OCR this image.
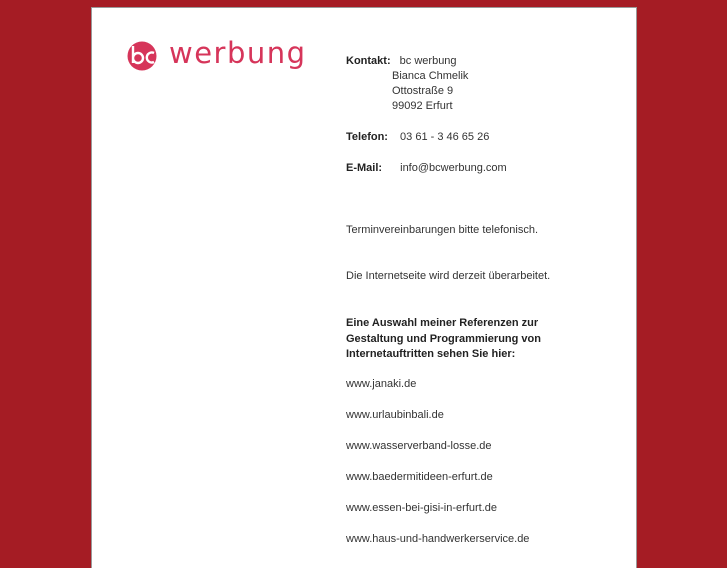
werbung	Kontakt: bc werbung
Bianca Chmelik
Ottostraße 9
99092 Erfurt
Telefon: 03 61 - 3 46 65 26
E-Mail: info@bcwerbung.com
Terminvereinbarungen bitte telefonisch.
Die Internetseite wird derzeit überarbeitet.
Eine Auswahl meiner Referenzen zur Gestaltung und Programmierung von Internetauftritten sehen Sie hier:
www.janaki.de
www.urlaubinbali.de
www.wasserverband-losse.de
www.baedermitideen-erfurt.de
www.essen-bei-gisi-in-erfurt.de
www.haus-und-handwerkerservice.de
